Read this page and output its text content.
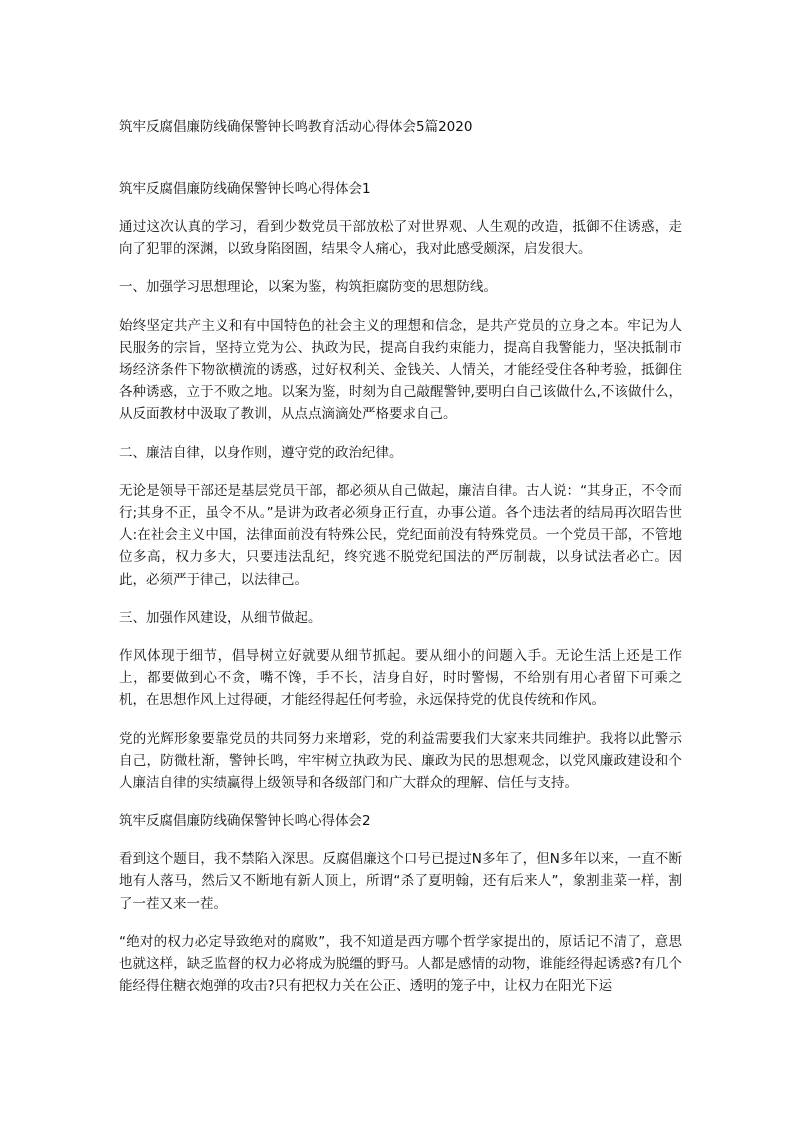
筑牢反腐倡廉防线确保警钟长鸣教育活动心得体会5篇2020
筑牢反腐倡廉防线确保警钟长鸣心得体会1

通过这次认真的学习，看到少数党员干部放松了对世界观、人生观的改造，抵御不住诱惑，走向了犯罪的深渊，以致身陷囹圄，结果令人痛心，我对此感受颇深，启发很大。

一、加强学习思想理论，以案为鉴，构筑拒腐防变的思想防线。

始终坚定共产主义和有中国特色的社会主义的理想和信念，是共产党员的立身之本。牢记为人民服务的宗旨，坚持立党为公、执政为民，提高自我约束能力，提高自我警能力，坚决抵制市场经济条件下物欲横流的诱惑，过好权利关、金钱关、人情关，才能经受住各种考验，抵御住各种诱惑，立于不败之地。以案为鉴，时刻为自己敲醒警钟,要明白自己该做什么,不该做什么，从反面教材中汲取了教训，从点点滴滴处严格要求自己。

二、廉洁自律，以身作则，遵守党的政治纪律。

无论是领导干部还是基层党员干部，都必须从自己做起，廉洁自律。古人说：“其身正，不令而行;其身不正，虽令不从。”是讲为政者必须身正行直，办事公道。各个违法者的结局再次昭告世人:在社会主义中国，法律面前没有特殊公民，党纪面前没有特殊党员。一个党员干部，不管地位多高，权力多大，只要违法乱纪，终究逃不脱党纪国法的严厉制裁，以身试法者必亡。因此，必须严于律己，以法律己。

三、加强作风建设，从细节做起。

作风体现于细节，倡导树立好就要从细节抓起。要从细小的问题入手。无论生活上还是工作上，都要做到心不贪，嘴不馋，手不长，洁身自好，时时警惕，不给别有用心者留下可乘之机，在思想作风上过得硬，才能经得起任何考验，永远保持党的优良传统和作风。

党的光辉形象要靠党员的共同努力来增彩，党的利益需要我们大家来共同维护。我将以此警示自己，防微杜渐，警钟长鸣，牢牢树立执政为民、廉政为民的思想观念，以党风廉政建设和个人廉洁自律的实绩赢得上级领导和各级部门和广大群众的理解、信任与支持。

筑牢反腐倡廉防线确保警钟长鸣心得体会2

看到这个题目，我不禁陷入深思。反腐倡廉这个口号已提过N多年了，但N多年以来，一直不断地有人落马，然后又不断地有新人顶上，所谓“杀了夏明翰，还有后来人”，象割韭菜一样，割了一茬又来一茬。

“绝对的权力必定导致绝对的腐败”，我不知道是西方哪个哲学家提出的，原话记不清了，意思也就这样，缺乏监督的权力必将成为脱缰的野马。人都是感情的动物，谁能经得起诱惑?有几个能经得住糖衣炮弹的攻击?只有把权力关在公正、透明的笼子中，让权力在阳光下运
